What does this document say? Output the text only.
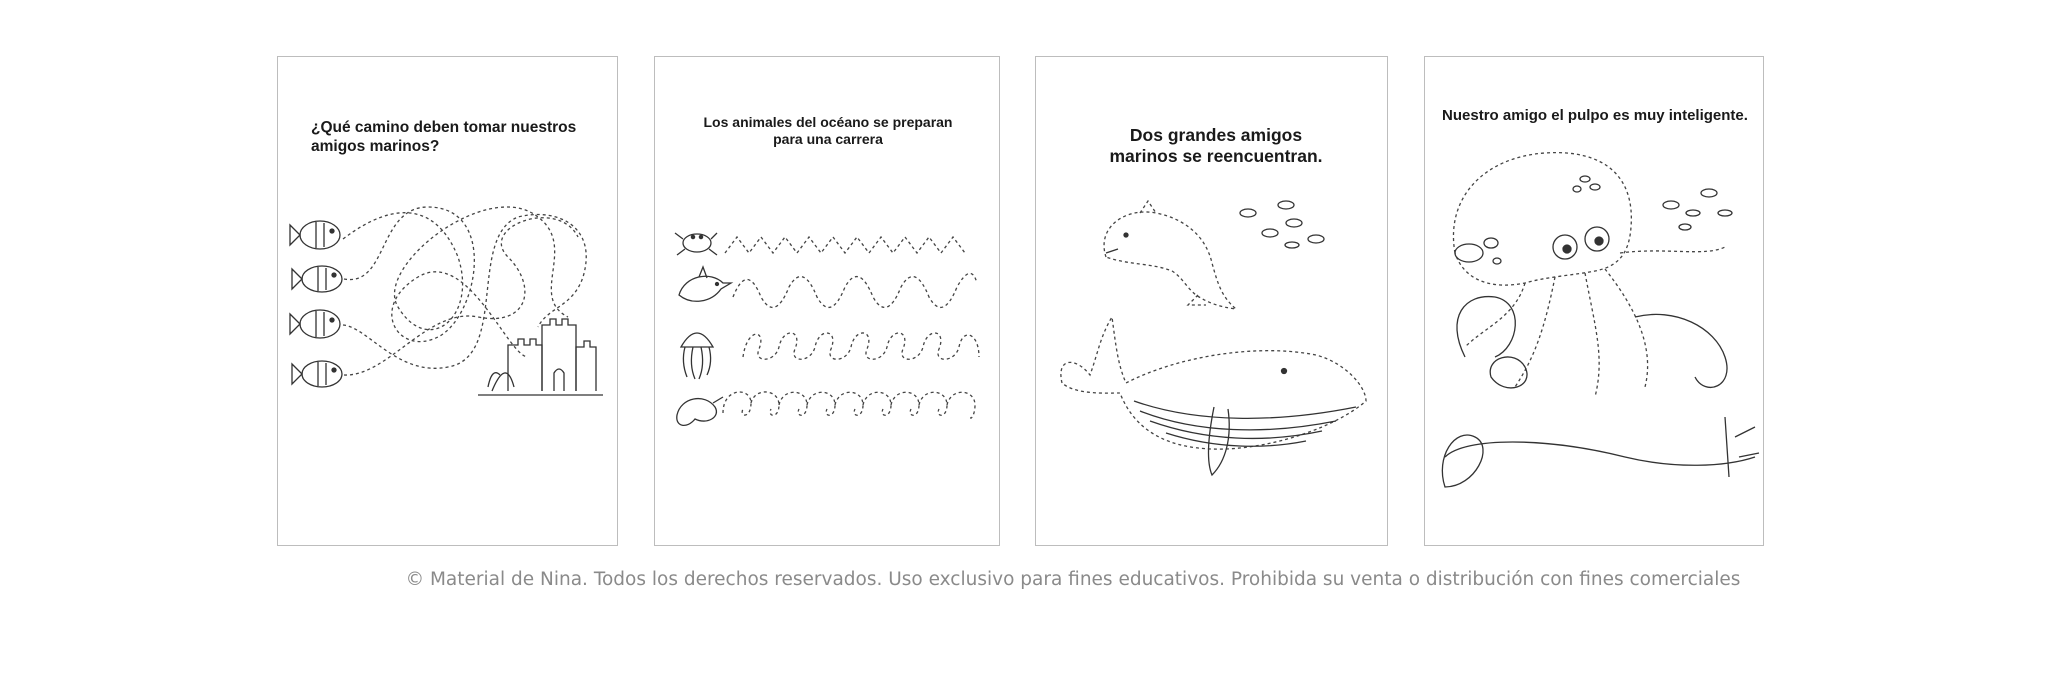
¿Qué camino deben tomar nuestros amigos marinos?
Los animales del océano se preparan para una carrera	Dos grandes amigos marinos se reencuentran.
Nuestro amigo el pulpo es muy inteligente.
© Material de Nina. Todos los derechos reservados. Uso exclusivo para fines educativos. Prohibida su venta o distribución con fines comerciales
